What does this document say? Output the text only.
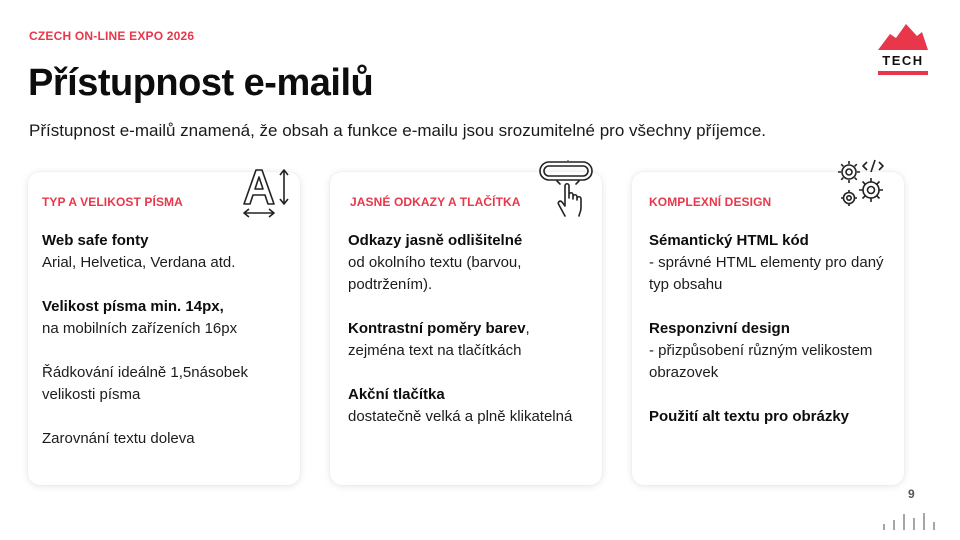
CZECH ON-LINE EXPO 2026
Přístupnost e-mailů

Přístupnost e-mailů znamená, že obsah a funkce e-mailu jsou srozumitelné pro všechny příjemce.

TECH
TYP A VELIKOST PÍSMA

Web safe fonty
Arial, Helvetica, Verdana atd.

Velikost písma min. 14px,
na mobilních zařízeních 16px

Řádkování ideálně 1,5násobek velikosti písma

Zarovnání textu doleva

JASNÉ ODKAZY A TLAČÍTKA

Odkazy jasně odlišitelné
od okolního textu (barvou, podtržením).

Kontrastní poměry barev,
zejména text na tlačítkách

Akční tlačítka
dostatečně velká a plně klikatelná

KOMPLEXNÍ DESIGN

Sémantický HTML kód
- správné HTML elementy pro daný typ obsahu

Responzivní design
- přizpůsobení různým velikostem obrazovek

Použití alt textu pro obrázky

9
